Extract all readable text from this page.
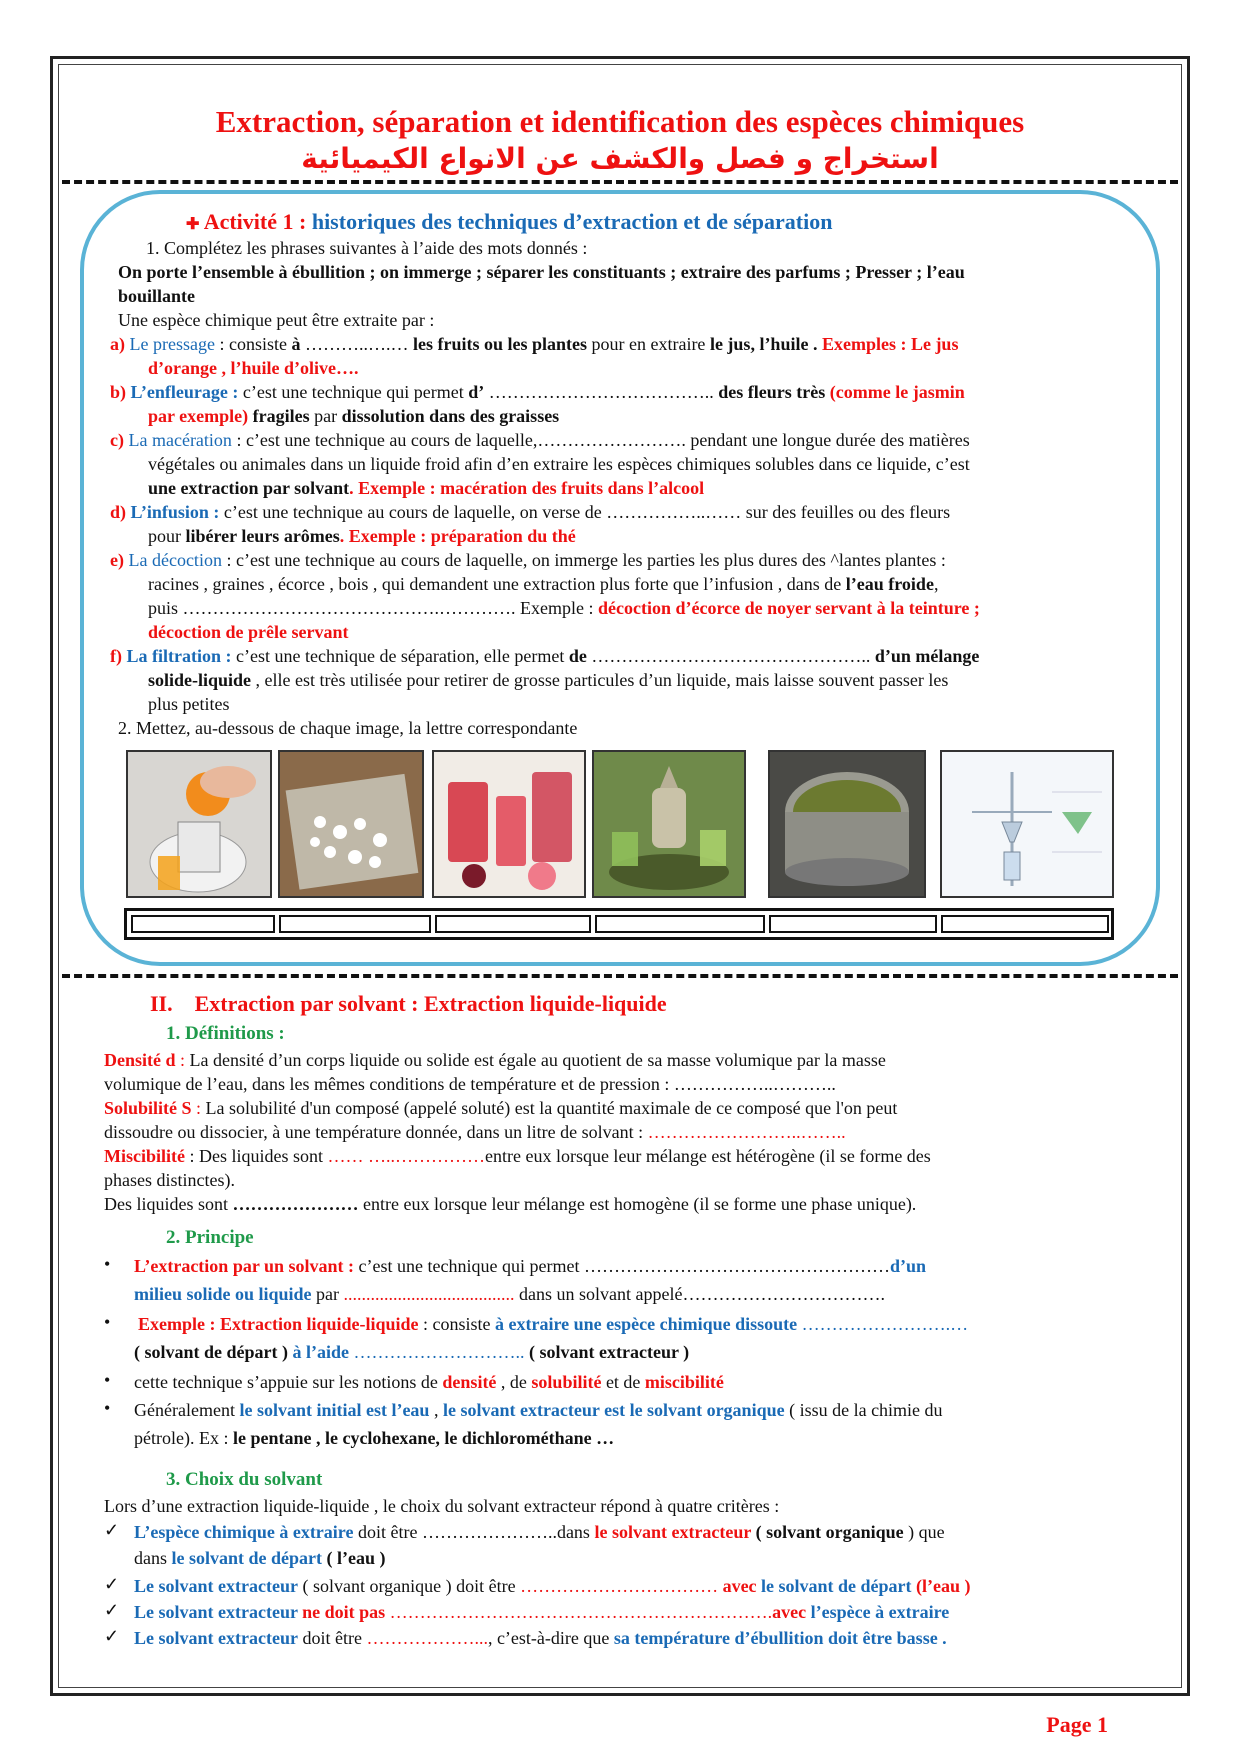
Extraction, séparation et identification des espèces chimiques
استخراج و فصل والكشف عن الانواع الكيميائية
✚ Activité 1 : historiques des techniques d’extraction et de séparation
1. Complétez les phrases suivantes à l’aide des mots donnés :
On porte l’ensemble à ébullition ; on immerge ; séparer les constituants ; extraire des parfums ; Presser ; l’eau
bouillante
Une espèce chimique peut être extraite par :
a) Le pressage : consiste à ………..….… les fruits ou les plantes pour en extraire le jus, l’huile . Exemples : Le jus
d’orange , l’huile d’olive….
b) L’enfleurage : c’est une technique qui permet d’ ……………………………….. des fleurs très (comme le jasmin
par exemple) fragiles par dissolution dans des graisses
c) La macération : c’est une technique au cours de laquelle,……………………. pendant une longue durée des matières
végétales ou animales dans un liquide froid afin d’en extraire les espèces chimiques solubles dans ce liquide, c’est
une extraction par solvant. Exemple : macération des fruits dans l’alcool
d) L’infusion : c’est une technique au cours de laquelle, on verse de ……………..…… sur des feuilles ou des fleurs
pour libérer leurs arômes. Exemple : préparation du thé
e) La décoction : c’est une technique au cours de laquelle, on immerge les parties les plus dures des ^lantes plantes :
racines , graines , écorce , bois , qui demandent une extraction plus forte que l’infusion , dans de l’eau froide,
puis …………………………………….…………. Exemple : décoction d’écorce de noyer servant à la teinture ;
décoction de prêle servant
f) La filtration : c’est une technique de séparation, elle permet de ……………………………………….. d’un mélange
solide-liquide , elle est très utilisée pour retirer de grosse particules d’un liquide, mais laisse souvent passer les
plus petites
2. Mettez, au-dessous de chaque image, la lettre correspondante
II. Extraction par solvant : Extraction liquide-liquide
1. Définitions :
Densité d : La densité d’un corps liquide ou solide est égale au quotient de sa masse volumique par la masse
volumique de l’eau, dans les mêmes conditions de température et de pression : ……………..………..
Solubilité S : La solubilité d'un composé (appelé soluté) est la quantité maximale de ce composé que l'on peut
dissoudre ou dissocier, à une température donnée, dans un litre de solvant : ……………………..……..
Miscibilité : Des liquides sont …… …..……………entre eux lorsque leur mélange est hétérogène (il se forme des
phases distinctes).
Des liquides sont ………………… entre eux lorsque leur mélange est homogène (il se forme une phase unique).
2. Principe
• L’extraction par un solvant : c’est une technique qui permet ……………………………………………d’un
milieu solide ou liquide par ...................................... dans un solvant appelé…………………………….
• Exemple : Extraction liquide-liquide : consiste à extraire une espèce chimique dissoute …………………….…
( solvant de départ ) à l’aide ……………………….. ( solvant extracteur )
• cette technique s’appuie sur les notions de densité , de solubilité et de miscibilité
• Généralement le solvant initial est l’eau , le solvant extracteur est le solvant organique ( issu de la chimie du
pétrole). Ex : le pentane , le cyclohexane, le dichlorométhane …
3. Choix du solvant
Lors d’une extraction liquide-liquide , le choix du solvant extracteur répond à quatre critères :
✓ L’espèce chimique à extraire doit être …………………..dans le solvant extracteur ( solvant organique ) que
dans le solvant de départ ( l’eau )
✓ Le solvant extracteur ( solvant organique ) doit être …………………………… avec le solvant de départ (l’eau )
✓ Le solvant extracteur ne doit pas ……………………………………………………….avec l’espèce à extraire
✓ Le solvant extracteur doit être ………………..., c’est-à-dire que sa température d’ébullition doit être basse .
Page 1
